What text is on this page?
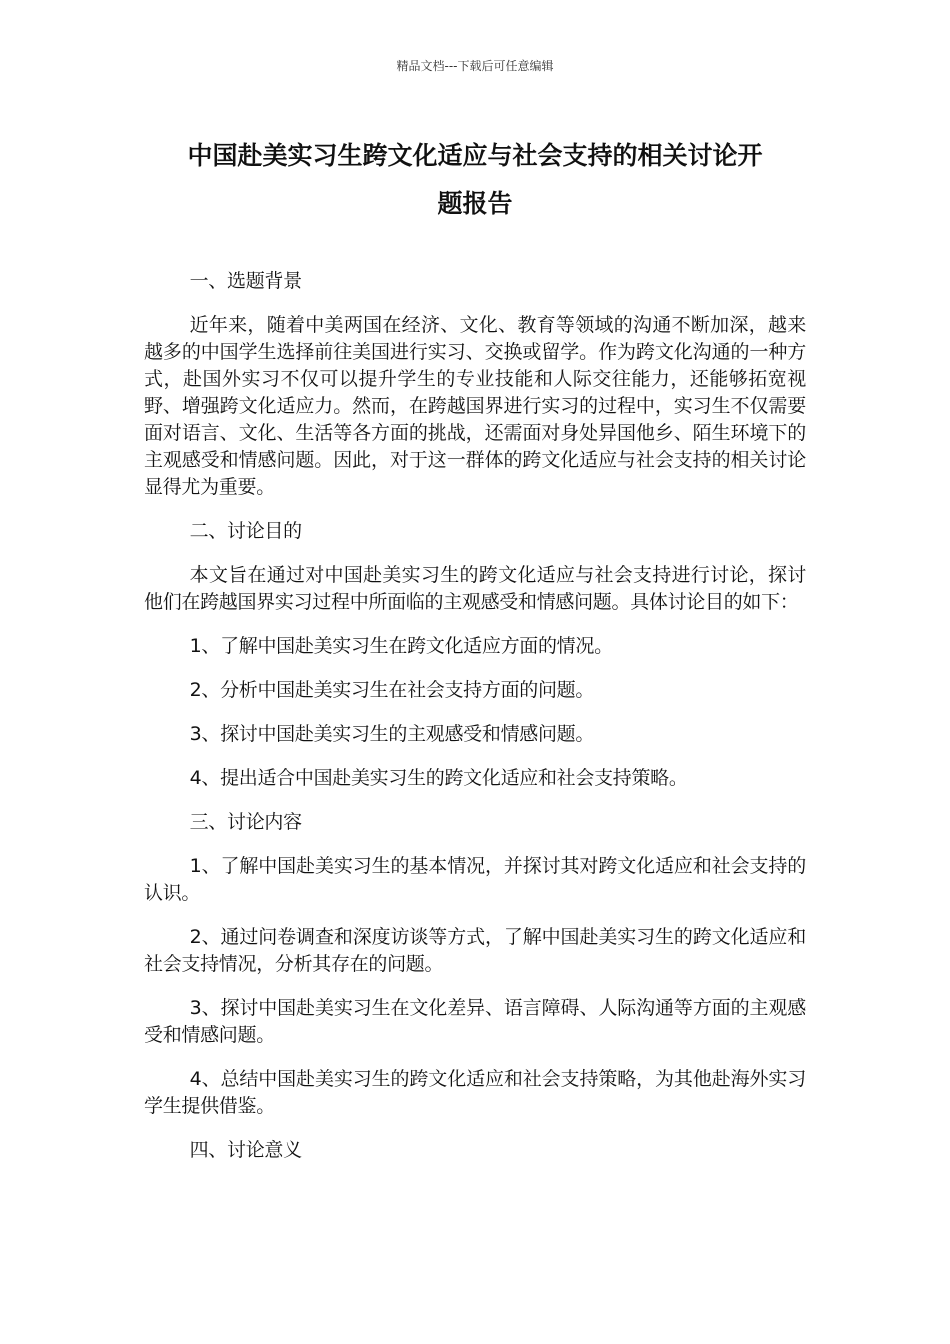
精品文档---下载后可任意编辑
中国赴美实习生跨文化适应与社会支持的相关讨论开
题报告

一、选题背景

近年来，随着中美两国在经济、文化、教育等领域的沟通不断加深，越来越多的中国学生选择前往美国进行实习、交换或留学。作为跨文化沟通的一种方式，赴国外实习不仅可以提升学生的专业技能和人际交往能力，还能够拓宽视野、增强跨文化适应力。然而，在跨越国界进行实习的过程中，实习生不仅需要面对语言、文化、生活等各方面的挑战，还需面对身处异国他乡、陌生环境下的主观感受和情感问题。因此，对于这一群体的跨文化适应与社会支持的相关讨论显得尤为重要。

二、讨论目的

本文旨在通过对中国赴美实习生的跨文化适应与社会支持进行讨论，探讨他们在跨越国界实习过程中所面临的主观感受和情感问题。具体讨论目的如下：

1、了解中国赴美实习生在跨文化适应方面的情况。

2、分析中国赴美实习生在社会支持方面的问题。

3、探讨中国赴美实习生的主观感受和情感问题。

4、提出适合中国赴美实习生的跨文化适应和社会支持策略。

三、讨论内容

1、了解中国赴美实习生的基本情况，并探讨其对跨文化适应和社会支持的认识。

2、通过问卷调查和深度访谈等方式，了解中国赴美实习生的跨文化适应和社会支持情况，分析其存在的问题。

3、探讨中国赴美实习生在文化差异、语言障碍、人际沟通等方面的主观感受和情感问题。

4、总结中国赴美实习生的跨文化适应和社会支持策略，为其他赴海外实习学生提供借鉴。

四、讨论意义
